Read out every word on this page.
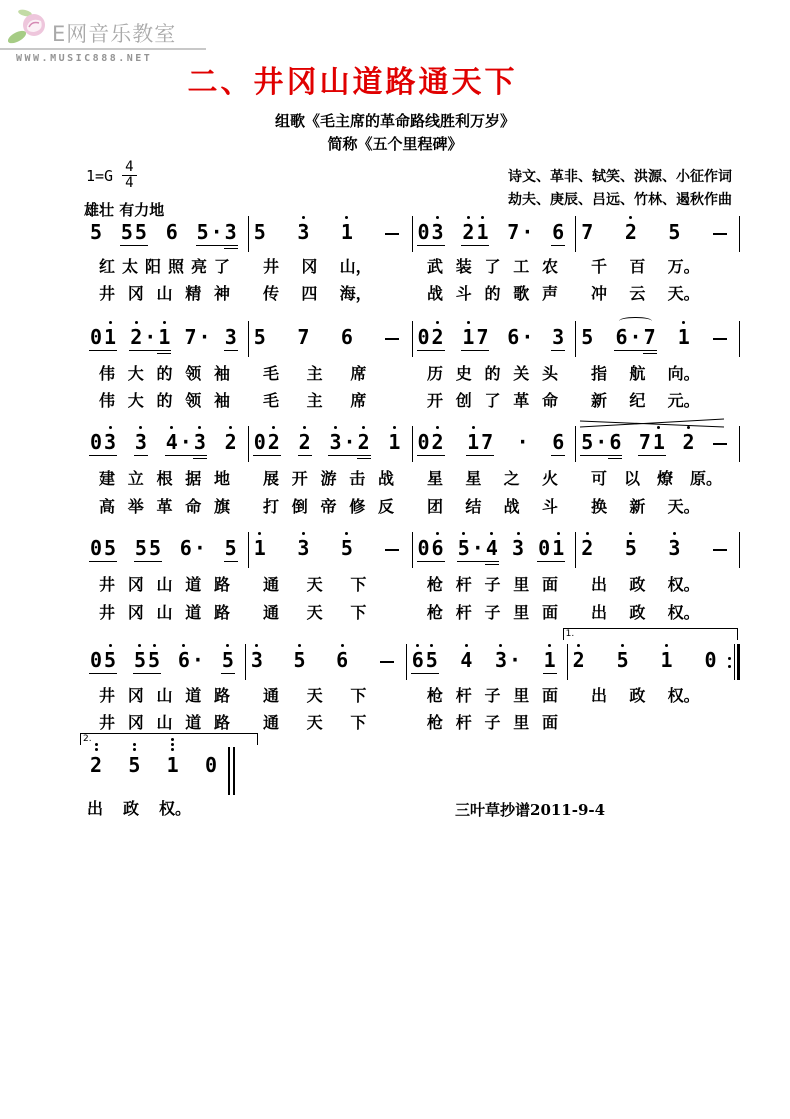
E网音乐教室
WWW.MUSIC888.NET
二、井冈山道路通天下
组歌《毛主席的革命路线胜利万岁》
简称《五个里程碑》
$1=G \frac{4}{4}$
雄壮 有力地
诗文、革非、轼笑、洪源、小征作词
劫夫、庚辰、吕远、竹林、遏秋作曲
5 5 5 6 5 · 3 5 3 1	0 3 2 1 7 · 6 7 2 5
红 太 阳 照 亮 了 井 冈 山，	武 装 了 工 农 千 百 万。
井 冈 山 精 神 传 四 海，	战 斗 的 歌 声 冲 云 天。
0 1 2 · 1 7 · 3 5 7 6	0 2 1 7 6 · 3 5 6 · 7 1
伟 大 的 领 袖 毛 主 席	历 史 的 关 头 指 航 向。
伟 大 的 领 袖 毛 主 席	开 创 了 革 命 新 纪 元。
0 3 3 4 · 3 2 0 2 2 3 · 2 1 0 2 1 7 · 6 5 · 6 7 1 2
建 立 根 据 地 展 开 游 击 战 星 星 之 火 可 以 燎 原。
高 举 革 命 旗 打 倒 帝 修 反 团 结 战 斗 换 新 天。
0 5 5 5 6 · 5 1 3 5	0 6 5 · 4 3 0 1 2 5 3
井 冈 山 道 路 通 天 下	枪 杆 子 里 面 出 政 权。
井 冈 山 道 路 通 天 下	枪 杆 子 里 面 出 政 权。
0 5 5 5 6 · 5 3 5 6	6 5 4 3 · 1
1.
2 5 1 0
井 冈 山 道 路 通 天 下	枪 杆 子 里 面 出 政 权。
井 冈 山 道 路 通 天 下	枪 杆 子 里 面
2.
2 5 1 0
出 政 权。	三叶草抄谱2011-9-4
